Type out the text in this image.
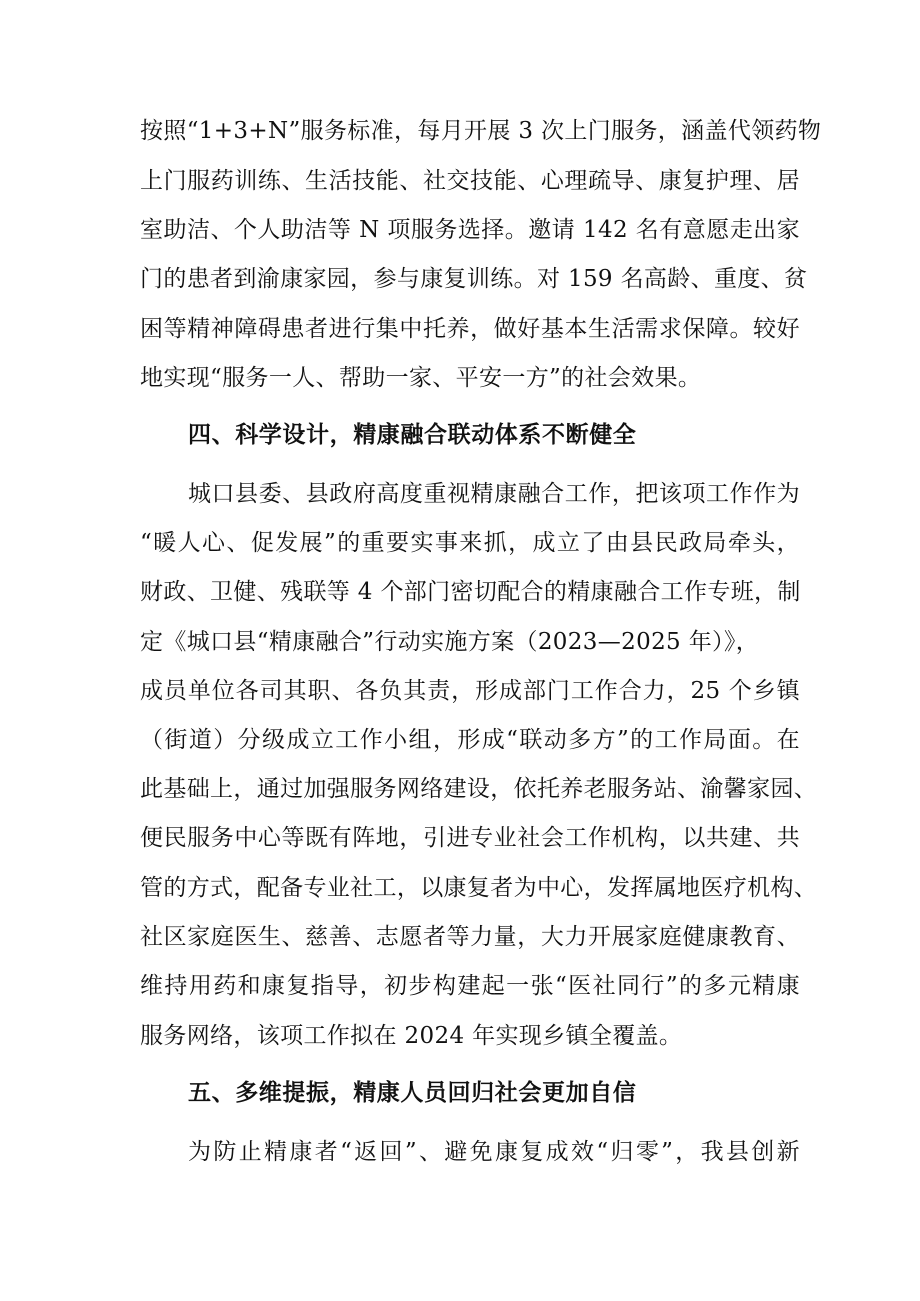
按照“1+3+N”服务标准，每月开展 3 次上门服务，涵盖代领药物

上门服药训练、生活技能、社交技能、心理疏导、康复护理、居

室助洁、个人助洁等 N 项服务选择。邀请 142 名有意愿走出家

门的患者到渝康家园，参与康复训练。对 159 名高龄、重度、贫

困等精神障碍患者进行集中托养，做好基本生活需求保障。较好

地实现“服务一人、帮助一家、平安一方”的社会效果。

四、科学设计，精康融合联动体系不断健全

城口县委、县政府高度重视精康融合工作，把该项工作作为

“暖人心、促发展”的重要实事来抓，成立了由县民政局牵头，

财政、卫健、残联等 4 个部门密切配合的精康融合工作专班，制

定《城口县“精康融合”行动实施方案（2023—2025 年）》，

成员单位各司其职、各负其责，形成部门工作合力，25 个乡镇

（街道）分级成立工作小组，形成“联动多方”的工作局面。在

此基础上，通过加强服务网络建设，依托养老服务站、渝馨家园、

便民服务中心等既有阵地，引进专业社会工作机构，以共建、共

管的方式，配备专业社工，以康复者为中心，发挥属地医疗机构、

社区家庭医生、慈善、志愿者等力量，大力开展家庭健康教育、

维持用药和康复指导，初步构建起一张“医社同行”的多元精康

服务网络，该项工作拟在 2024 年实现乡镇全覆盖。

五、多维提振，精康人员回归社会更加自信

为防止精康者“返回”、避免康复成效“归零”，我县创新
